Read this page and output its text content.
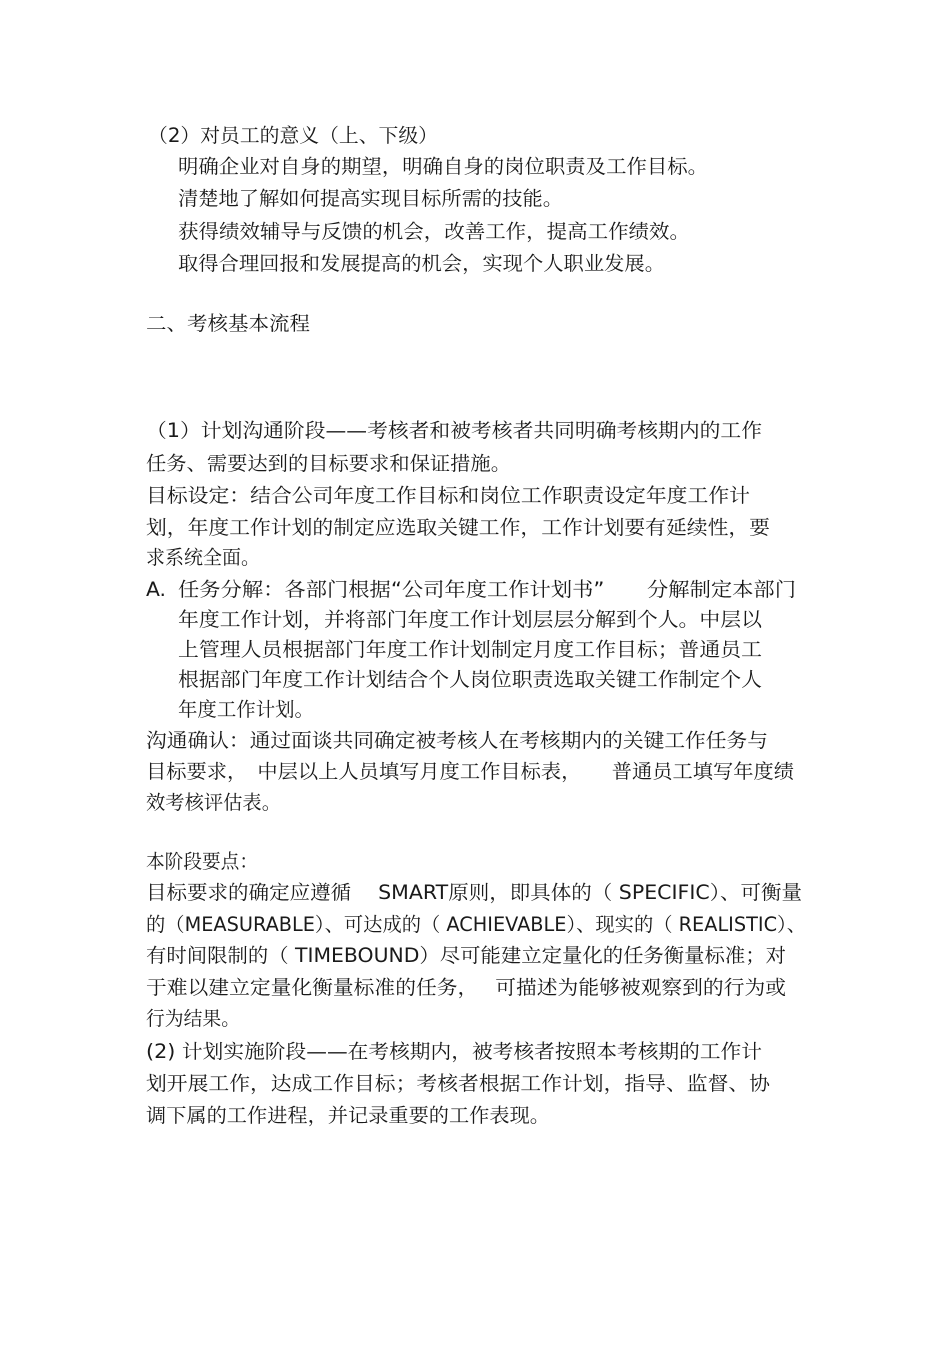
（2）对员工的意义（上、下级）
明确企业对自身的期望，明确自身的岗位职责及工作目标。
清楚地了解如何提高实现目标所需的技能。
获得绩效辅导与反馈的机会，改善工作，提高工作绩效。
取得合理回报和发展提高的机会，实现个人职业发展。
二、考核基本流程
（1）计划沟通阶段——考核者和被考核者共同明确考核期内的工作
任务、需要达到的目标要求和保证措施。
目标设定：结合公司年度工作目标和岗位工作职责设定年度工作计
划，年度工作计划的制定应选取关键工作，工作计划要有延续性，要
求系统全面。
A. 任务分解：各部门根据“公司年度工作计划书”　　分解制定本部门
年度工作计划，并将部门年度工作计划层层分解到个人。中层以
上管理人员根据部门年度工作计划制定月度工作目标；普通员工
根据部门年度工作计划结合个人岗位职责选取关键工作制定个人
年度工作计划。
沟通确认：通过面谈共同确定被考核人在考核期内的关键工作任务与
目标要求，　中层以上人员填写月度工作目标表，　　普通员工填写年度绩
效考核评估表。
本阶段要点：
目标要求的确定应遵循　 SMART原则，即具体的（ SPECIFIC）、可衡量
的（MEASURABLE）、可达成的（ ACHIEVABLE）、现实的（ REALISTIC）、
有时间限制的（ TIMEBOUND）尽可能建立定量化的任务衡量标准；对
于难以建立定量化衡量标准的任务，　 可描述为能够被观察到的行为或
行为结果。
(2) 计划实施阶段——在考核期内，被考核者按照本考核期的工作计
划开展工作，达成工作目标；考核者根据工作计划，指导、监督、协
调下属的工作进程，并记录重要的工作表现。
